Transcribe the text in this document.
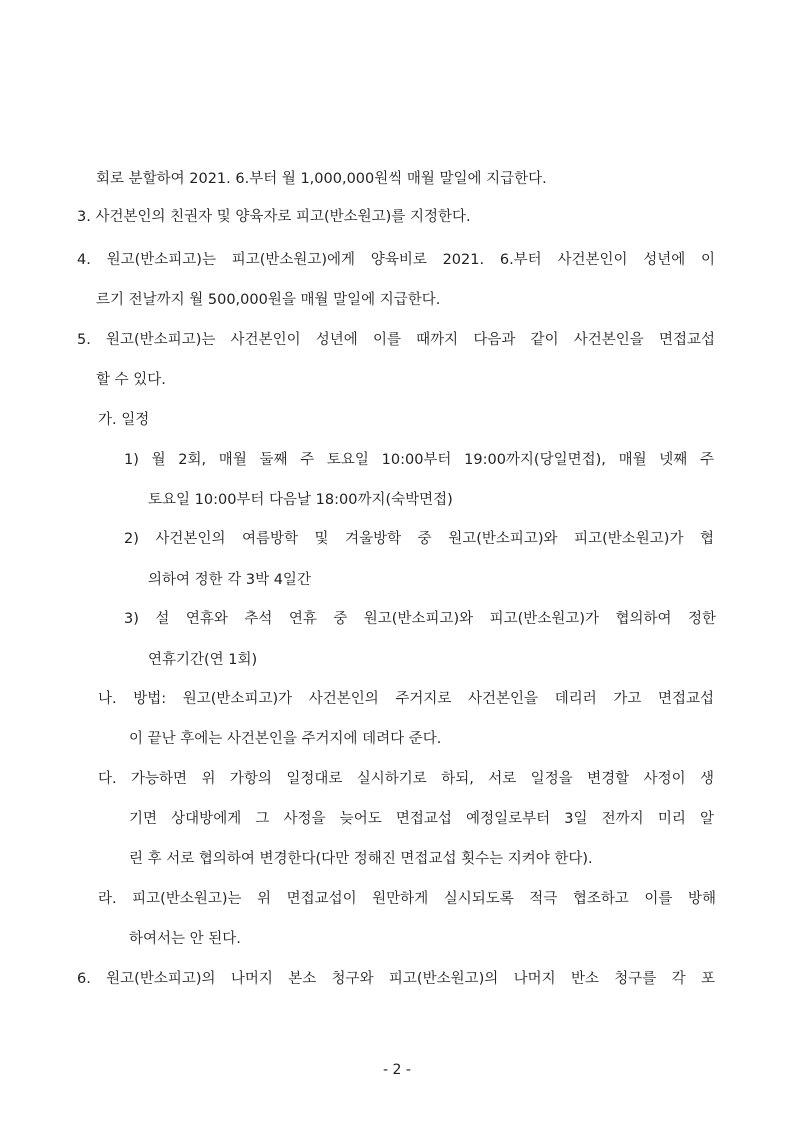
회로 분할하여 2021. 6.부터 월 1,000,000원씩 매월 말일에 지급한다.
3. 사건본인의 친권자 및 양육자로 피고(반소원고)를 지정한다.
4. 원고(반소피고)는 피고(반소원고)에게 양육비로 2021. 6.부터 사건본인이 성년에 이
르기 전날까지 월 500,000원을 매월 말일에 지급한다.
5. 원고(반소피고)는 사건본인이 성년에 이를 때까지 다음과 같이 사건본인을 면접교섭
할 수 있다.
가. 일정
1) 월 2회, 매월 둘째 주 토요일 10:00부터 19:00까지(당일면접), 매월 넷째 주
토요일 10:00부터 다음날 18:00까지(숙박면접)
2) 사건본인의 여름방학 및 겨울방학 중 원고(반소피고)와 피고(반소원고)가 협
의하여 정한 각 3박 4일간
3) 설 연휴와 추석 연휴 중 원고(반소피고)와 피고(반소원고)가 협의하여 정한
연휴기간(연 1회)
나. 방법: 원고(반소피고)가 사건본인의 주거지로 사건본인을 데리러 가고 면접교섭
이 끝난 후에는 사건본인을 주거지에 데려다 준다.
다. 가능하면 위 가항의 일정대로 실시하기로 하되, 서로 일정을 변경할 사정이 생
기면 상대방에게 그 사정을 늦어도 면접교섭 예정일로부터 3일 전까지 미리 알
린 후 서로 협의하여 변경한다(다만 정해진 면접교섭 횟수는 지켜야 한다).
라. 피고(반소원고)는 위 면접교섭이 원만하게 실시되도록 적극 협조하고 이를 방해
하여서는 안 된다.
6. 원고(반소피고)의 나머지 본소 청구와 피고(반소원고)의 나머지 반소 청구를 각 포
- 2 -
